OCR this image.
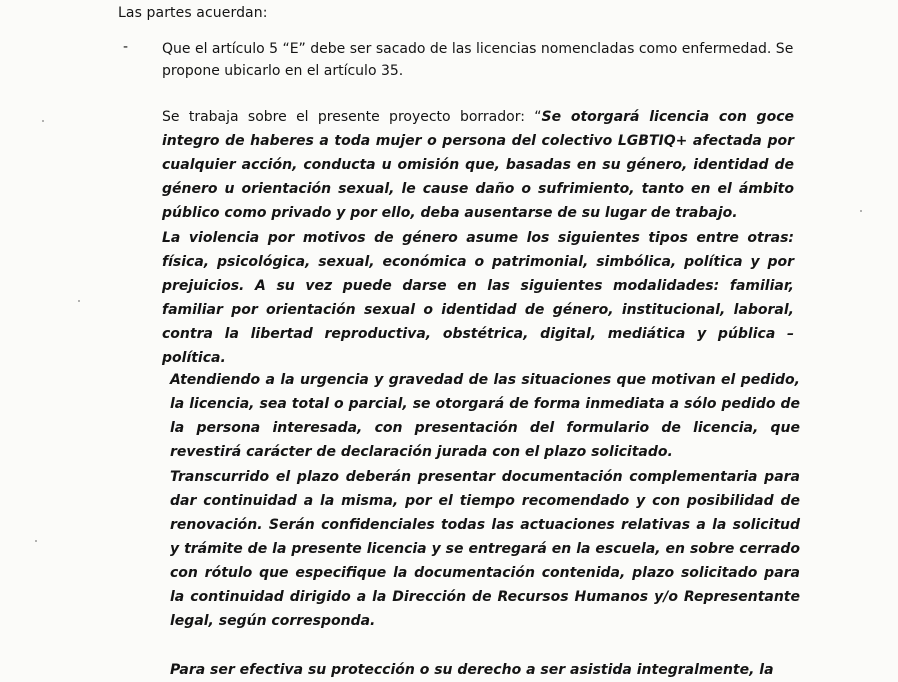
Las partes acuerdan:
- Que el artículo 5 “E” debe ser sacado de las licencias nomencladas como enfermedad. Se
propone ubicarlo en el artículo 35.
Se trabaja sobre el presente proyecto borrador: “Se otorgará licencia con goce integro de haberes a toda mujer o persona del colectivo LGBTIQ+ afectada por cualquier acción, conducta u omisión que, basadas en su género, identidad de género u orientación sexual, le cause daño o sufrimiento, tanto en el ámbito público como privado y por ello, deba ausentarse de su lugar de trabajo.
La violencia por motivos de género asume los siguientes tipos entre otras: física, psicológica, sexual, económica o patrimonial, simbólica, política y por prejuicios. A su vez puede darse en las siguientes modalidades: familiar, familiar por orientación sexual o identidad de género, institucional, laboral, contra la libertad reproductiva, obstétrica, digital, mediática y pública – política.
Atendiendo a la urgencia y gravedad de las situaciones que motivan el pedido, la licencia, sea total o parcial, se otorgará de forma inmediata a sólo pedido de la persona interesada, con presentación del formulario de licencia, que revestirá carácter de declaración jurada con el plazo solicitado.
Transcurrido el plazo deberán presentar documentación complementaria para dar continuidad a la misma, por el tiempo recomendado y con posibilidad de renovación. Serán confidenciales todas las actuaciones relativas a la solicitud y trámite de la presente licencia y se entregará en la escuela, en sobre cerrado con rótulo que especifique la documentación contenida, plazo solicitado para la continuidad dirigido a la Dirección de Recursos Humanos y/o Representante legal, según corresponda.
Para ser efectiva su protección o su derecho a ser asistida integralmente, la
